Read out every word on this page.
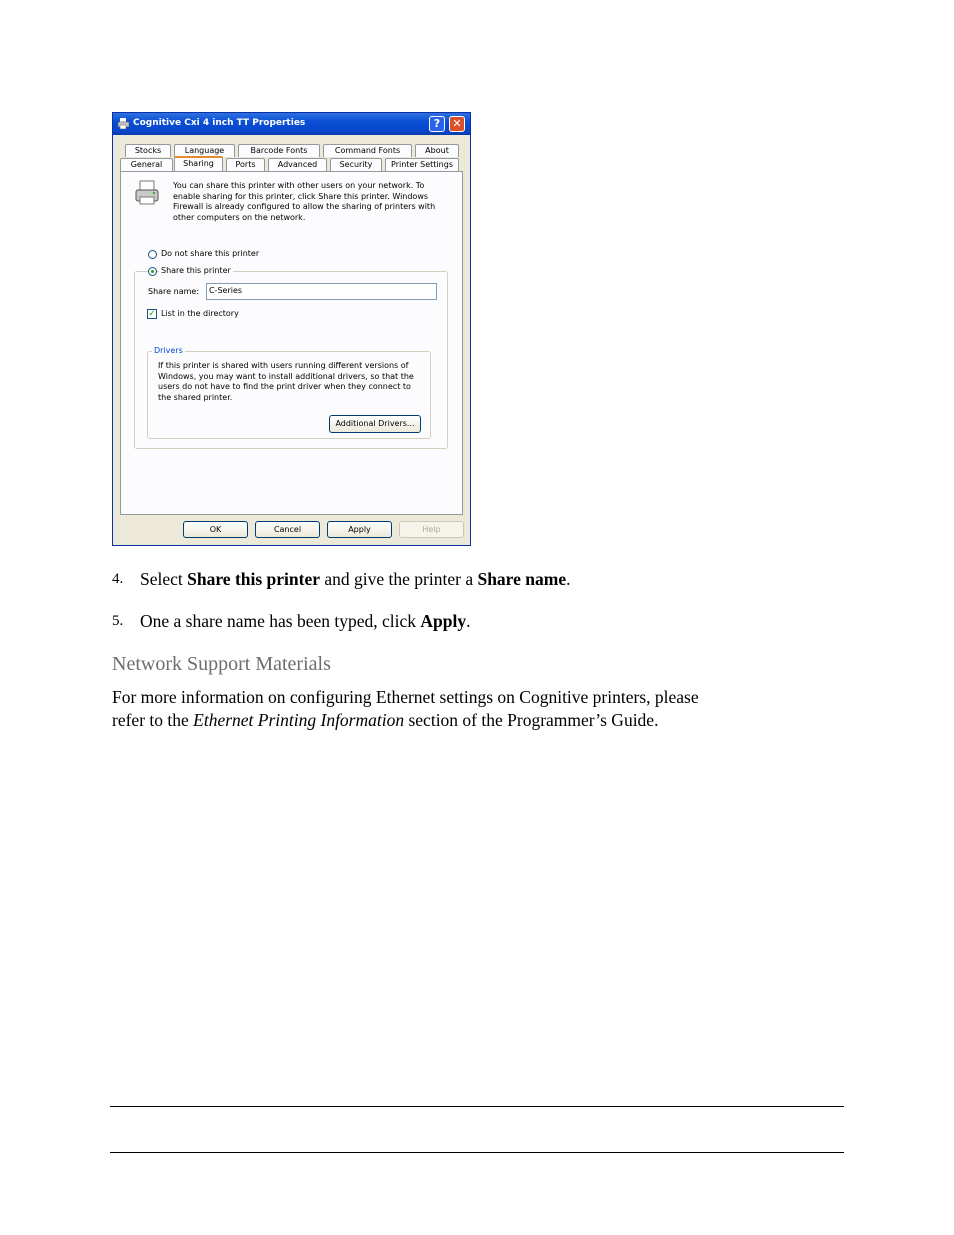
Cognitive Cxi 4 inch TT Properties	?	✕
Stocks	Language	Barcode Fonts	Command Fonts	About
General	Sharing	Ports	Advanced	Security	Printer Settings
You can share this printer with other users on your network. To
enable sharing for this printer, click Share this printer. Windows
Firewall is already configured to allow the sharing of printers with
other computers on the network.
Do not share this printer
Share this printer
Share name:	C-Series
✓ List in the directory
Drivers
If this printer is shared with users running different versions of
Windows, you may want to install additional drivers, so that the
users do not have to find the print driver when they connect to
the shared printer.
Additional Drivers...
OK	Cancel	Apply	Help
4. Select Share this printer and give the printer a Share name.
5. One a share name has been typed, click Apply.
Network Support Materials
For more information on configuring Ethernet settings on Cognitive printers, please
refer to the Ethernet Printing Information section of the Programmer’s Guide.
